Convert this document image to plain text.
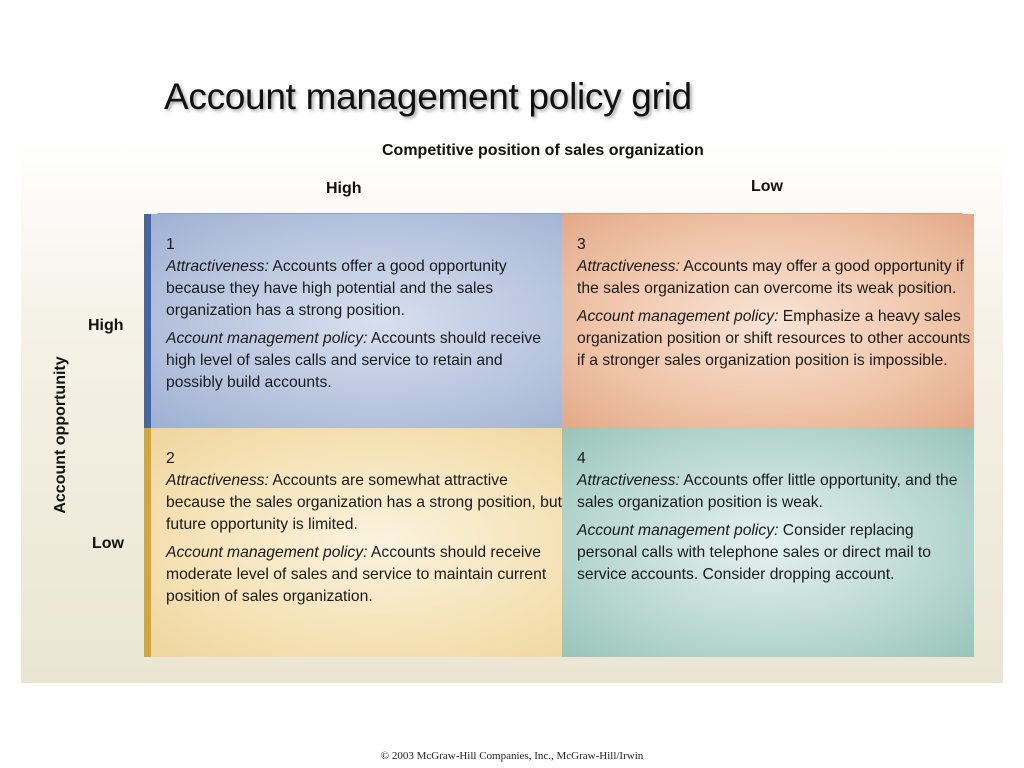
Account management policy grid
Competitive position of sales organization
High	Low
Account opportunity
High
Low

1

Attractiveness: Accounts offer a good opportunity because they have high potential and the sales organization has a strong position.

Account management policy: Accounts should receive high level of sales calls and service to retain and possibly build accounts.

2

Attractiveness: Accounts are somewhat attractive because the sales organization has a strong position, but future opportunity is limited.

Account management policy: Accounts should receive moderate level of sales and service to maintain current position of sales organization.

3

Attractiveness: Accounts may offer a good opportunity if the sales organization can overcome its weak position.

Account management policy: Emphasize a heavy sales organization position or shift resources to other accounts if a stronger sales organization position is impossible.

4

Attractiveness: Accounts offer little opportunity, and the sales organization position is weak.

Account management policy: Consider replacing personal calls with telephone sales or direct mail to service accounts. Consider dropping account.

© 2003 McGraw-Hill Companies, Inc., McGraw-Hill/Irwin
